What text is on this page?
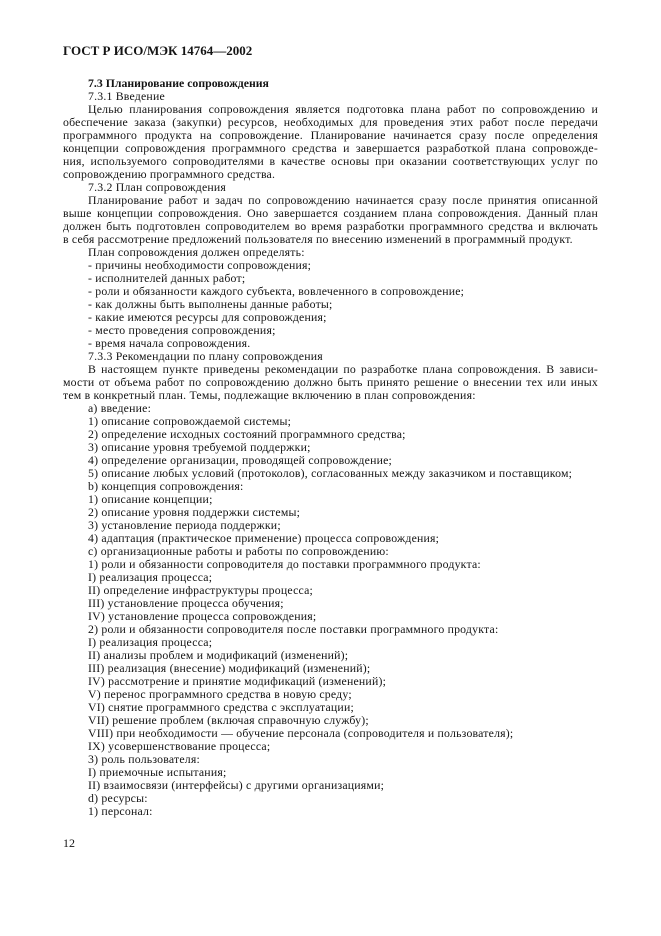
ГОСТ Р ИСО/МЭК 14764—2002
7.3 Планирование сопровождения
7.3.1 Введение
Целью планирования сопровождения является подготовка плана работ по сопровождению и
обеспечение заказа (закупки) ресурсов, необходимых для проведения этих работ после передачи
программного продукта на сопровождение. Планирование начинается сразу после определения
концепции сопровождения программного средства и завершается разработкой плана сопровожде-
ния, используемого сопроводителями в качестве основы при оказании соответствующих услуг по
сопровождению программного средства.
7.3.2 План сопровождения
Планирование работ и задач по сопровождению начинается сразу после принятия описанной
выше концепции сопровождения. Оно завершается созданием плана сопровождения. Данный план
должен быть подготовлен сопроводителем во время разработки программного средства и включать
в себя рассмотрение предложений пользователя по внесению изменений в программный продукт.
План сопровождения должен определять:
- причины необходимости сопровождения;
- исполнителей данных работ;
- роли и обязанности каждого субъекта, вовлеченного в сопровождение;
- как должны быть выполнены данные работы;
- какие имеются ресурсы для сопровождения;
- место проведения сопровождения;
- время начала сопровождения.
7.3.3 Рекомендации по плану сопровождения
В настоящем пункте приведены рекомендации по разработке плана сопровождения. В зависи-
мости от объема работ по сопровождению должно быть принято решение о внесении тех или иных
тем в конкретный план. Темы, подлежащие включению в план сопровождения:
a) введение:
1) описание сопровождаемой системы;
2) определение исходных состояний программного средства;
3) описание уровня требуемой поддержки;
4) определение организации, проводящей сопровождение;
5) описание любых условий (протоколов), согласованных между заказчиком и поставщиком;
b) концепция сопровождения:
1) описание концепции;
2) описание уровня поддержки системы;
3) установление периода поддержки;
4) адаптация (практическое применение) процесса сопровождения;
c) организационные работы и работы по сопровождению:
1) роли и обязанности сопроводителя до поставки программного продукта:
I) реализация процесса;
II) определение инфраструктуры процесса;
III) установление процесса обучения;
IV) установление процесса сопровождения;
2) роли и обязанности сопроводителя после поставки программного продукта:
I) реализация процесса;
II) анализы проблем и модификаций (изменений);
III) реализация (внесение) модификаций (изменений);
IV) рассмотрение и принятие модификаций (изменений);
V) перенос программного средства в новую среду;
VI) снятие программного средства с эксплуатации;
VII) решение проблем (включая справочную службу);
VIII) при необходимости — обучение персонала (сопроводителя и пользователя);
IX) усовершенствование процесса;
3) роль пользователя:
I) приемочные испытания;
II) взаимосвязи (интерфейсы) с другими организациями;
d) ресурсы:
1) персонал:
12
